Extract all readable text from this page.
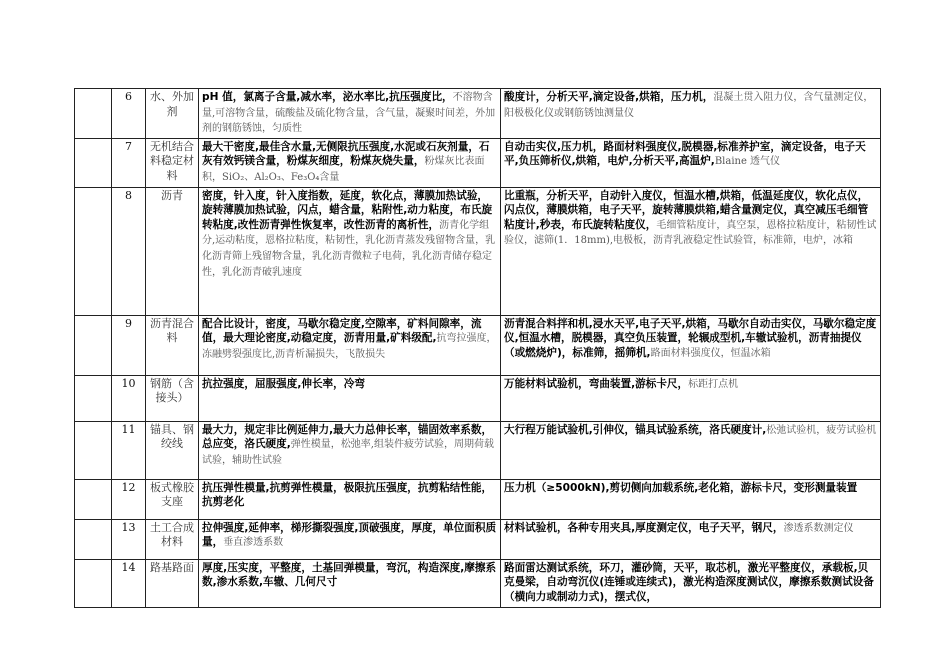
	6	水、外加剂	pH 值，氯离子含量,减水率，泌水率比,抗压强度比，不溶物含量,可溶物含量，硫酸盐及硫化物含量，含气量，凝聚时间差，外加剂的钢筋锈蚀，匀质性	酸度计，分析天平,滴定设备,烘箱，压力机，混凝土贯入阻力仪，含气量测定仪，阳极极化仪或钢筋锈蚀测量仪
	7	无机结合料稳定材料	最大干密度,最佳含水量,无侧限抗压强度,水泥或石灰剂量，石灰有效钙镁含量，粉煤灰细度，粉煤灰烧失量，粉煤灰比表面积，SiO₂、Al₂O₃、Fe₃O₄含量	自动击实仪,压力机，路面材料强度仪,脱模器,标准养护室，滴定设备，电子天平,负压筛析仪,烘箱，电炉,分析天平,高温炉,Blaine 透气仪
	8	沥青	密度，针入度，针入度指数，延度，软化点，薄膜加热试验，旋转薄膜加热试验，闪点，蜡含量，粘附性,动力粘度，布氏旋转粘度,改性沥青弹性恢复率，改性沥青的离析性，沥青化学组分,运动粘度，恩格拉粘度，粘韧性，乳化沥青蒸发残留物含量，乳化沥青筛上残留物含量，乳化沥青微粒子电荷，乳化沥青储存稳定性，乳化沥青破乳速度	比重瓶，分析天平，自动针入度仪，恒温水槽,烘箱，低温延度仪，软化点仪，闪点仪，薄膜烘箱，电子天平，旋转薄膜烘箱,蜡含量测定仪，真空减压毛细管粘度计,秒表，布氏旋转粘度仪，毛细管粘度计，真空泵，恩格拉粘度计，粘韧性试验仪，滤筛(1．18mm),电极板，沥青乳液稳定性试验管，标准筛，电炉，冰箱
	9	沥青混合料	配合比设计，密度，马歇尔稳定度,空隙率，矿料间隙率，流值，最大理论密度,动稳定度，沥青用量,矿料级配,抗弯拉强度，冻融劈裂强度比,沥青析漏损失，飞散损失	沥青混合料拌和机,浸水天平,电子天平,烘箱，马歇尔自动击实仪，马歇尔稳定度仪,恒温水槽，脱模器，真空负压装置，轮辗成型机,车辙试验机，沥青抽提仪（或燃烧炉)，标准筛，摇筛机,路面材料强度仪，恒温冰箱
	10	钢筋（含接头）	抗拉强度，屈服强度,伸长率，冷弯	万能材料试验机，弯曲装置,游标卡尺，标距打点机
	11	锚具、钢绞线	最大力，规定非比例延伸力,最大力总伸长率，锚固效率系数，总应变，洛氏硬度,弹性模量，松弛率,组装件疲劳试验，周期荷载试验，辅助性试验	大行程万能试验机,引伸仪，锚具试验系统，洛氏硬度计,松弛试验机，疲劳试验机
	12	板式橡胶支座	抗压弹性模量,抗剪弹性模量，极限抗压强度，抗剪粘结性能，抗剪老化	压力机（≥5000kN),剪切侧向加载系统,老化箱，游标卡尺，变形测量装置
	13	土工合成材料	拉伸强度,延伸率，梯形撕裂强度,顶破强度，厚度，单位面积质量，垂直渗透系数	材料试验机，各种专用夹具,厚度测定仪，电子天平，钢尺，渗透系数测定仪
	14	路基路面	厚度,压实度，平整度，土基回弹模量，弯沉，构造深度,摩擦系数,渗水系数,车辙、几何尺寸	路面雷达测试系统，环刀，灌砂筒，天平，取芯机，激光平整度仪，承载板,贝克曼梁，自动弯沉仪(连锤或连续式)，激光构造深度测试仪，摩擦系数测试设备（横向力或制动力式)，摆式仪，
